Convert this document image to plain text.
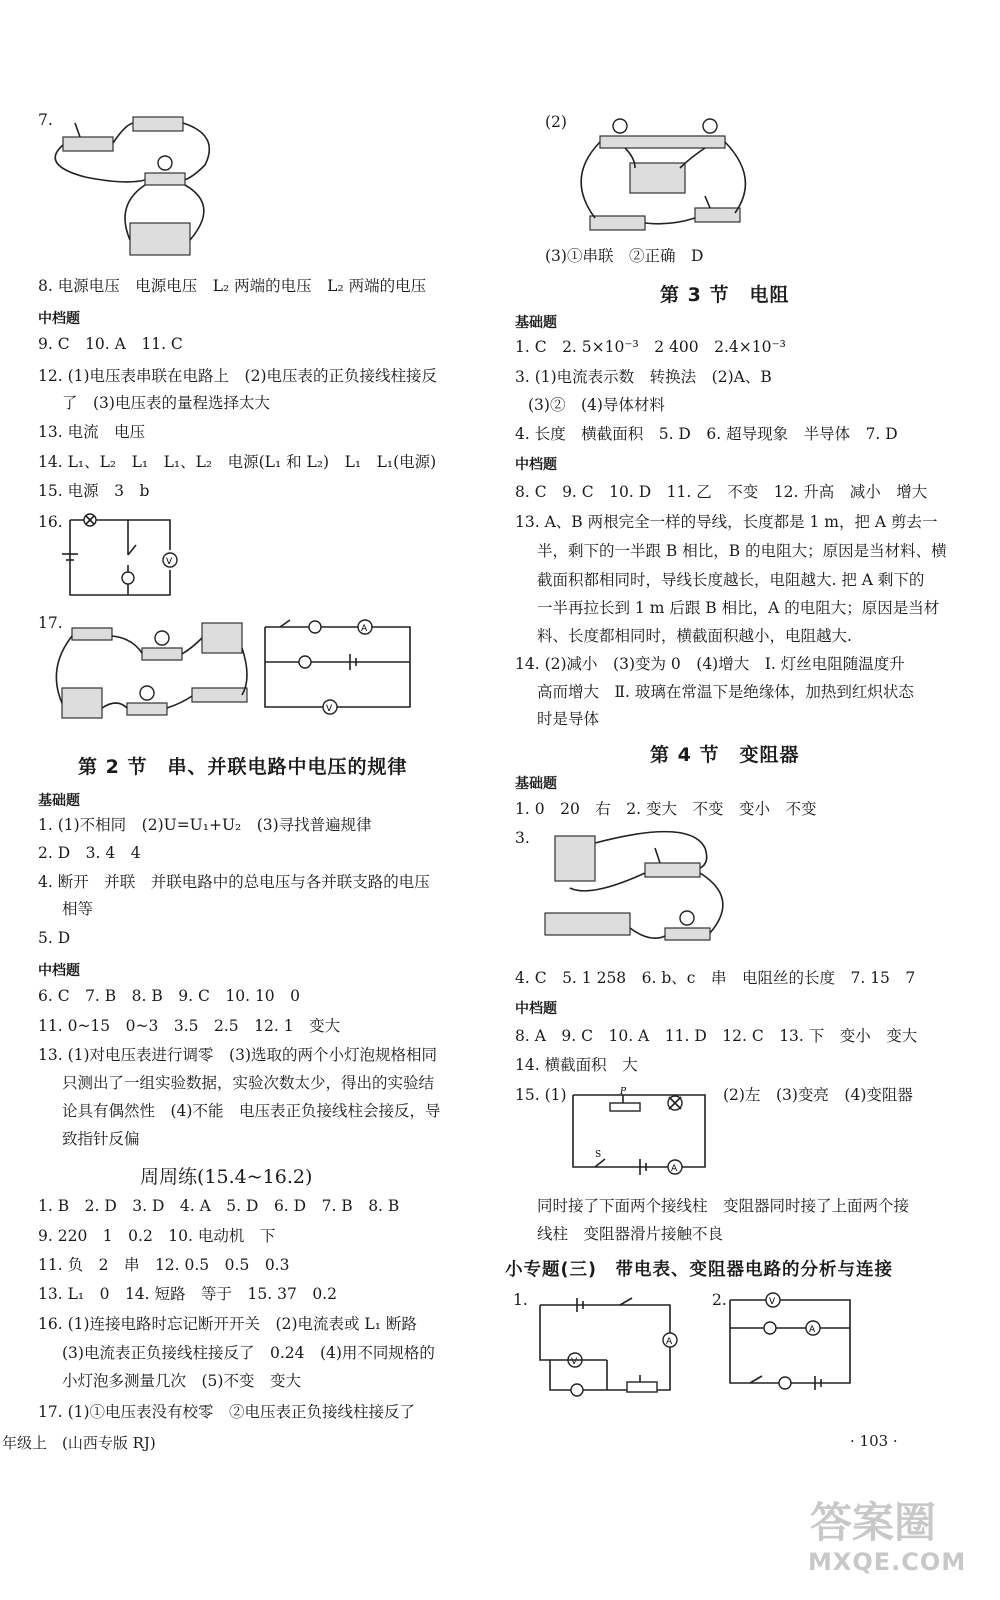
7.
8. 电源电压　电源电压　L₂ 两端的电压　L₂ 两端的电压
中档题
9. C　10. A　11. C
12. (1)电压表串联在电路上　(2)电压表的正负接线柱接反
了　(3)电压表的量程选择太大
13. 电流　电压
14. L₁、L₂　L₁　L₁、L₂　电源(L₁ 和 L₂)　L₁　L₁(电源)
15. 电源　3　b
16.
V
17.	A
V
第 2 节　串、并联电路中电压的规律
基础题
1. (1)不相同　(2)U=U₁+U₂　(3)寻找普遍规律
2. D　3. 4　4
4. 断开　并联　并联电路中的总电压与各并联支路的电压
相等
5. D
中档题
6. C　7. B　8. B　9. C　10. 10　0
11. 0~15　0~3　3.5　2.5　12. 1　变大
13. (1)对电压表进行调零　(3)选取的两个小灯泡规格相同
只测出了一组实验数据，实验次数太少，得出的实验结
论具有偶然性　(4)不能　电压表正负接线柱会接反，导
致指针反偏
周周练(15.4~16.2)
1. B　2. D　3. D　4. A　5. D　6. D　7. B　8. B
9. 220　1　0.2　10. 电动机　下
11. 负　2　串　12. 0.5　0.5　0.3
13. L₁　0　14. 短路　等于　15. 37　0.2
16. (1)连接电路时忘记断开开关　(2)电流表或 L₁ 断路
(3)电流表正负接线柱接反了　0.24　(4)用不同规格的
小灯泡多测量几次　(5)不变　变大
17. (1)①电压表没有校零　②电压表正负接线柱接反了
(2)
(3)①串联　②正确　D
第 3 节　电阻
基础题
1. C　2. 5×10⁻³　2 400　2.4×10⁻³
3. (1)电流表示数　转换法　(2)A、B
(3)②　(4)导体材料
4. 长度　横截面积　5. D　6. 超导现象　半导体　7. D
中档题
8. C　9. C　10. D　11. 乙　不变　12. 升高　减小　增大
13. A、B 两根完全一样的导线，长度都是 1 m，把 A 剪去一
半，剩下的一半跟 B 相比，B 的电阻大；原因是当材料、横
截面积都相同时，导线长度越长，电阻越大. 把 A 剩下的
一半再拉长到 1 m 后跟 B 相比，A 的电阻大；原因是当材
料、长度都相同时，横截面积越小，电阻越大.
14. (2)减小　(3)变为 0　(4)增大　Ⅰ. 灯丝电阻随温度升
高而增大　Ⅱ. 玻璃在常温下是绝缘体，加热到红炽状态
时是导体
第 4 节　变阻器
基础题
1. 0　20　右　2. 变大　不变　变小　不变
3.
4. C　5. 1 258　6. b、c　串　电阻丝的长度　7. 15　7
中档题
8. A　9. C　10. A　11. D　12. C　13. 下　变小　变大
14. 横截面积　大
15. (1)	P
S
A
(2)左　(3)变亮　(4)变阻器
同时接了下面两个接线柱　变阻器同时接了上面两个接
线柱　变阻器滑片接触不良
小专题(三)　带电表、变阻器电路的分析与连接
1.
A
V
2.	V
A
年级上　(山西专版 RJ)	· 103 ·
答案圈
MXQE.COM
